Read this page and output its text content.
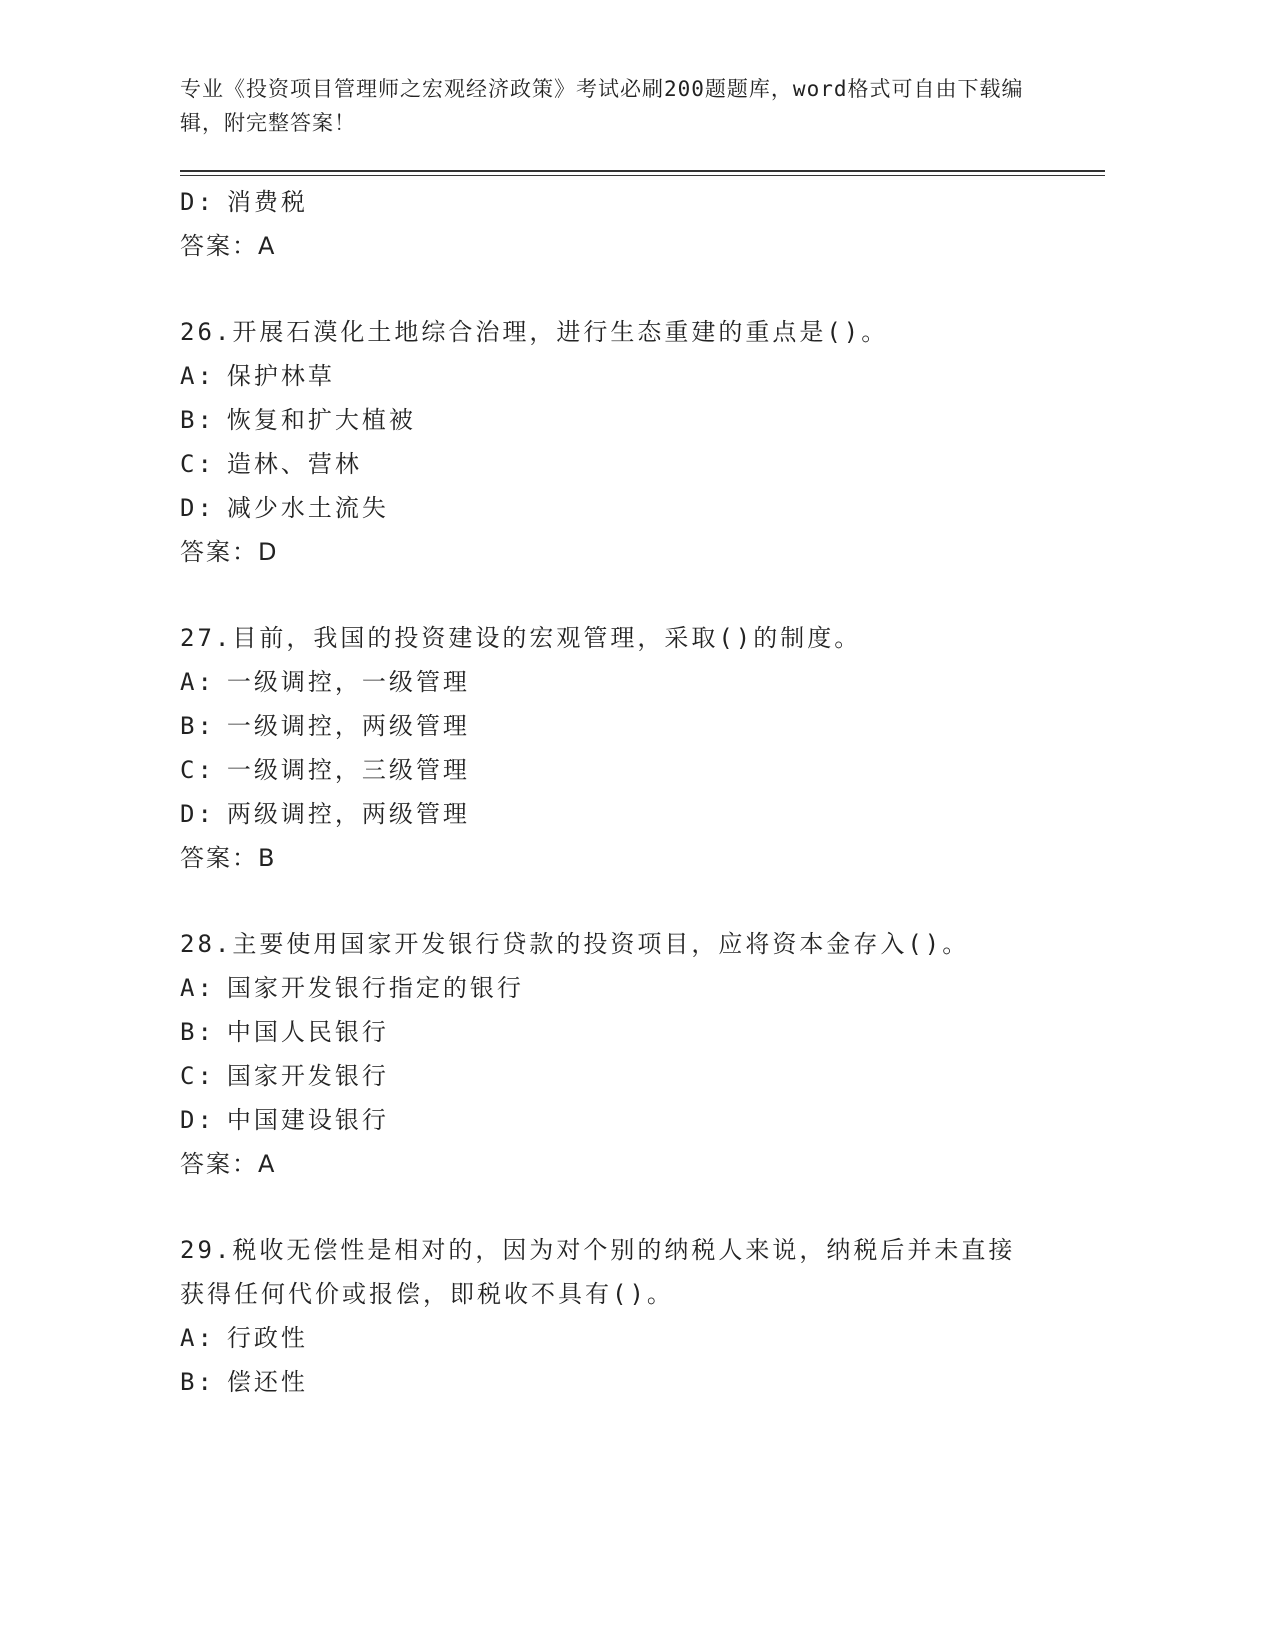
专业《投资项目管理师之宏观经济政策》考试必刷200题题库，word格式可自由下载编辑，附完整答案！
D: 消费税
答案：A
26.开展石漠化土地综合治理，进行生态重建的重点是()。
A: 保护林草
B: 恢复和扩大植被
C: 造林、营林
D: 减少水土流失
答案：D
27.目前，我国的投资建设的宏观管理，采取()的制度。
A: 一级调控，一级管理
B: 一级调控，两级管理
C: 一级调控，三级管理
D: 两级调控，两级管理
答案：B
28.主要使用国家开发银行贷款的投资项目，应将资本金存入()。
A: 国家开发银行指定的银行
B: 中国人民银行
C: 国家开发银行
D: 中国建设银行
答案：A
29.税收无偿性是相对的，因为对个别的纳税人来说，纳税后并未直接获得任何代价或报偿，即税收不具有()。
A: 行政性
B: 偿还性
